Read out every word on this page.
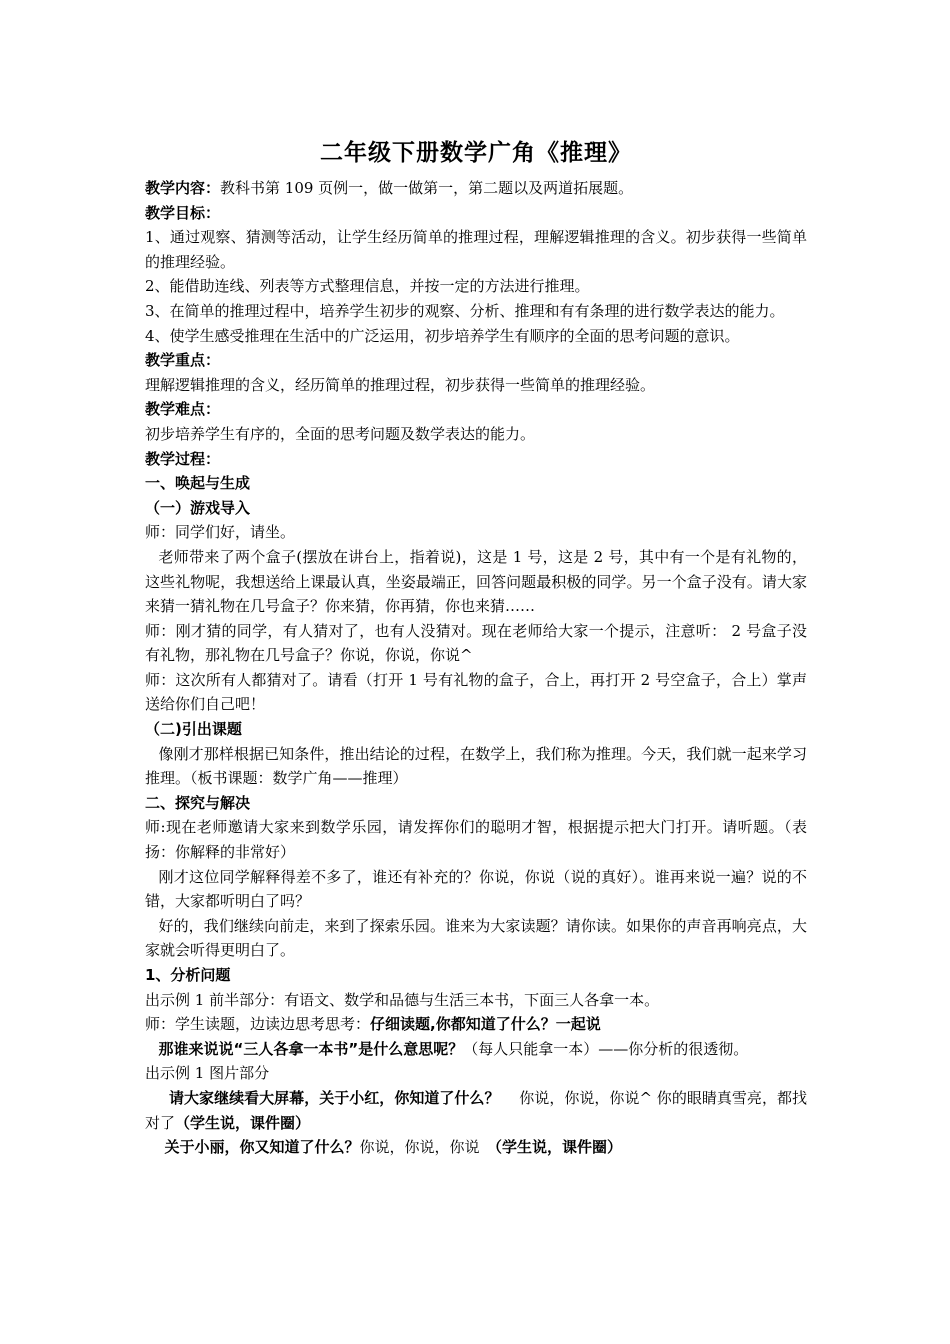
二年级下册数学广角《推理》

教学内容：教科书第 109 页例一，做一做第一，第二题以及两道拓展题。

教学目标：

1、通过观察、猜测等活动，让学生经历简单的推理过程，理解逻辑推理的含义。初步获得一些简单的推理经验。

2、能借助连线、列表等方式整理信息，并按一定的方法进行推理。

3、在简单的推理过程中，培养学生初步的观察、分析、推理和有有条理的进行数学表达的能力。

4、使学生感受推理在生活中的广泛运用，初步培养学生有顺序的全面的思考问题的意识。

教学重点：

理解逻辑推理的含义，经历简单的推理过程，初步获得一些简单的推理经验。

教学难点：

初步培养学生有序的，全面的思考问题及数学表达的能力。

教学过程：

一、唤起与生成

（一）游戏导入

师：同学们好，请坐。

老师带来了两个盒子(摆放在讲台上，指着说)，这是 1 号，这是 2 号，其中有一个是有礼物的，这些礼物呢，我想送给上课最认真，坐姿最端正，回答问题最积极的同学。另一个盒子没有。请大家来猜一猜礼物在几号盒子？你来猜，你再猜，你也来猜……

师：刚才猜的同学，有人猜对了，也有人没猜对。现在老师给大家一个提示，注意听： 2 号盒子没有礼物，那礼物在几号盒子？你说，你说，你说^

师：这次所有人都猜对了。请看（打开 1 号有礼物的盒子，合上，再打开 2 号空盒子，合上）掌声送给你们自己吧！

（二)引出课题

像刚才那样根据已知条件，推出结论的过程，在数学上，我们称为推理。今天，我们就一起来学习推理。（板书课题：数学广角——推理）

二、探究与解决

师:现在老师邀请大家来到数学乐园，请发挥你们的聪明才智，根据提示把大门打开。请听题。（表扬：你解释的非常好）

刚才这位同学解释得差不多了，谁还有补充的？你说，你说（说的真好）。谁再来说一遍？说的不错，大家都听明白了吗？

好的，我们继续向前走，来到了探索乐园。谁来为大家读题？请你读。如果你的声音再响亮点，大家就会听得更明白了。

1、分析问题

出示例 1 前半部分：有语文、数学和品德与生活三本书，下面三人各拿一本。

师：学生读题，边读边思考思考：仔细读题,你都知道了什么？一起说

那谁来说说“三人各拿一本书”是什么意思呢？（每人只能拿一本）——你分析的很透彻。

出示例 1 图片部分

请大家继续看大屏幕，关于小红，你知道了什么？　 你说，你说，你说^ 你的眼睛真雪亮，都找对了（学生说，课件圈）

关于小丽，你又知道了什么？你说，你说，你说　（学生说，课件圈）
